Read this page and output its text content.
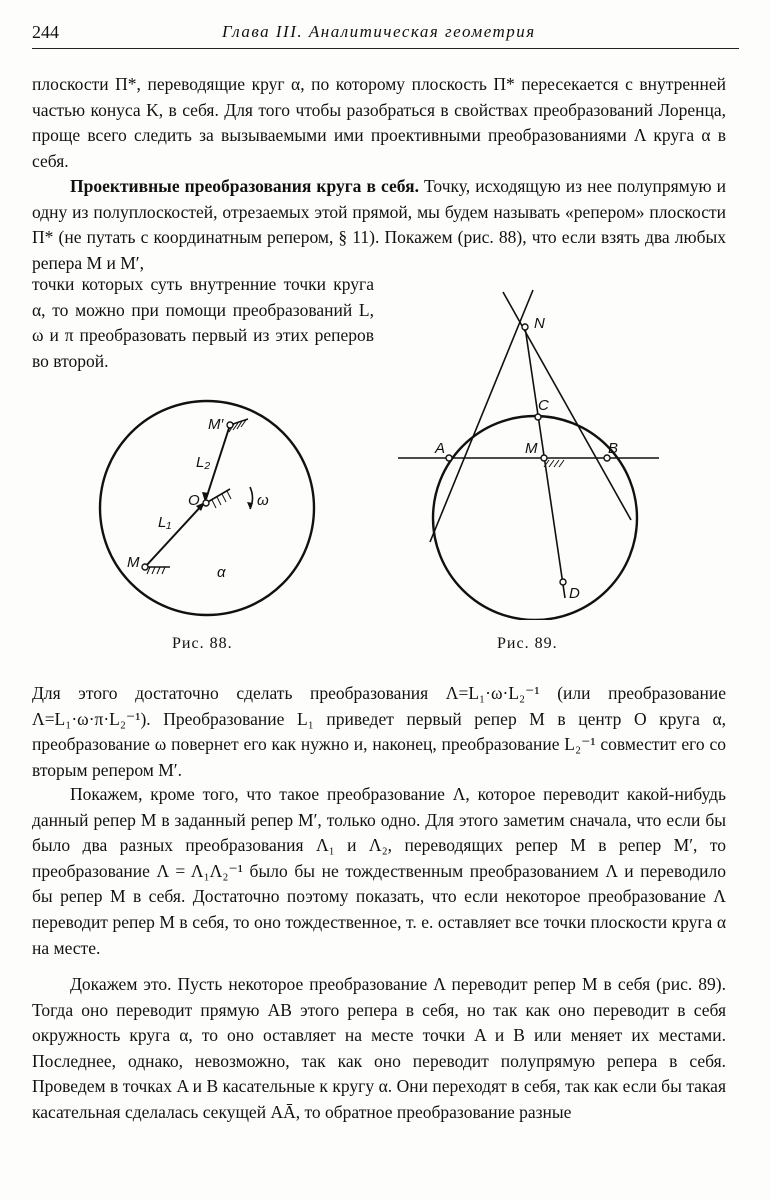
244	Глава III. Аналитическая геометрия

плоскости П*, переводящие круг α, по которому плоскость П* пересекается с внутренней частью конуса K, в себя. Для того чтобы разобраться в свойствах преобразований Лоренца, проще всего следить за вызываемыми ими проективными преобразованиями Λ круга α в себя.

Проективные преобразования круга в себя. Точку, исходящую из нее полупрямую и одну из полуплоскостей, отрезаемых этой прямой, мы будем называть «репером» плоскости П* (не путать с координатным репером, § 11). Покажем (рис. 88), что если взять два любых репера M и M′,

точки которых суть внутренние точки круга α, то можно при помощи преобразований L, ω и π преобразовать первый из этих реперов во второй.

M′
L₂
O	ω
L₁
M
α
Рис. 88.
N
C
A	M	B
D
Рис. 89.

Для этого достаточно сделать преобразования Λ=L₁·ω·L₂⁻¹ (или преобразование Λ=L₁·ω·π·L₂⁻¹). Преобразование L₁ приведет первый репер M в центр O круга α, преобразование ω повернет его как нужно и, наконец, преобразование L₂⁻¹ совместит его со вторым репером M′.

Покажем, кроме того, что такое преобразование Λ, которое переводит какой-нибудь данный репер M в заданный репер M′, только одно. Для этого заметим сначала, что если бы было два разных преобразования Λ₁ и Λ₂, переводящих репер M в репер M′, то преобразование Λ = Λ₁Λ₂⁻¹ было бы не тождественным преобразованием Λ и переводило бы репер M в себя. Достаточно поэтому показать, что если некоторое преобразование Λ переводит репер M в себя, то оно тождественное, т. е. оставляет все точки плоскости круга α на месте.

Докажем это. Пусть некоторое преобразование Λ переводит репер M в себя (рис. 89). Тогда оно переводит прямую AB этого репера в себя, но так как оно переводит в себя окружность круга α, то оно оставляет на месте точки A и B или меняет их местами. Последнее, однако, невозможно, так как оно переводит полупрямую репера в себя. Проведем в точках A и B касательные к кругу α. Они переходят в себя, так как если бы такая касательная сделалась секущей AĀ, то обратное преобразование разные
